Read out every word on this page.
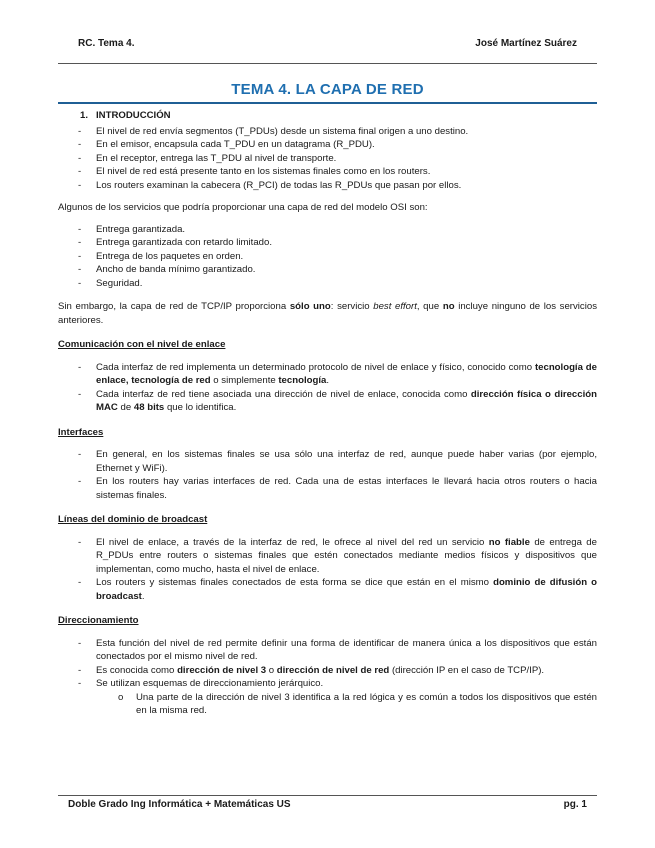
RC. Tema 4.	José Martínez Suárez
TEMA 4. LA CAPA DE RED
1. INTRODUCCIÓN
- El nivel de red envía segmentos (T_PDUs) desde un sistema final origen a uno destino.
- En el emisor, encapsula cada T_PDU en un datagrama (R_PDU).
- En el receptor, entrega las T_PDU al nivel de transporte.
- El nivel de red está presente tanto en los sistemas finales como en los routers.
- Los routers examinan la cabecera (R_PCI) de todas las R_PDUs que pasan por ellos.

Algunos de los servicios que podría proporcionar una capa de red del modelo OSI son:

- Entrega garantizada.
- Entrega garantizada con retardo limitado.
- Entrega de los paquetes en orden.
- Ancho de banda mínimo garantizado.
- Seguridad.

Sin embargo, la capa de red de TCP/IP proporciona sólo uno: servicio best effort, que no incluye ninguno de los servicios anteriores.

Comunicación con el nivel de enlace
- Cada interfaz de red implementa un determinado protocolo de nivel de enlace y físico, conocido como tecnología de enlace, tecnología de red o simplemente tecnología.
- Cada interfaz de red tiene asociada una dirección de nivel de enlace, conocida como dirección física o dirección MAC de 48 bits que lo identifica.
Interfaces
- En general, en los sistemas finales se usa sólo una interfaz de red, aunque puede haber varias (por ejemplo, Ethernet y WiFi).
- En los routers hay varias interfaces de red. Cada una de estas interfaces le llevará hacia otros routers o hacia sistemas finales.
Líneas del dominio de broadcast
- El nivel de enlace, a través de la interfaz de red, le ofrece al nivel del red un servicio no fiable de entrega de R_PDUs entre routers o sistemas finales que estén conectados mediante medios físicos y dispositivos que implementan, como mucho, hasta el nivel de enlace.
- Los routers y sistemas finales conectados de esta forma se dice que están en el mismo dominio de difusión o broadcast.
Direccionamiento
- Esta función del nivel de red permite definir una forma de identificar de manera única a los dispositivos que están conectados por el mismo nivel de red.
- Es conocida como dirección de nivel 3 o dirección de nivel de red (dirección IP en el caso de TCP/IP).
- Se utilizan esquemas de direccionamiento jerárquico.
o Una parte de la dirección de nivel 3 identifica a la red lógica y es común a todos los dispositivos que estén en la misma red.
Doble Grado Ing Informática + Matemáticas US	pg. 1
